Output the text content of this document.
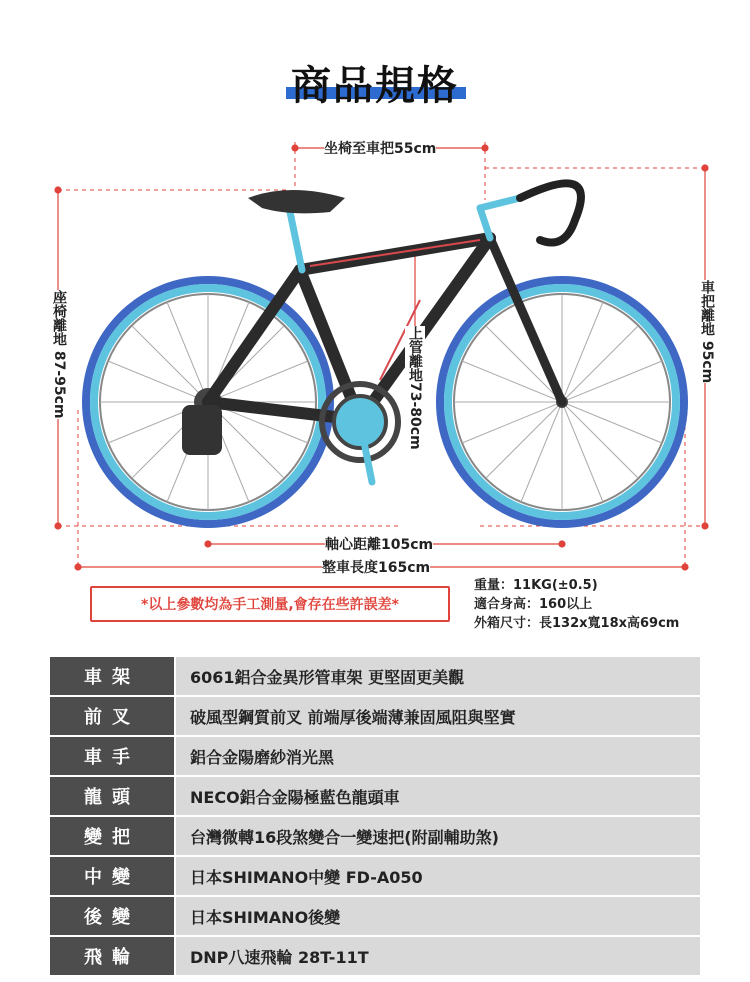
商品規格
坐椅至車把55cm
座椅離地 87-95cm	車把離地 95cm
上管離地73-80cm
軸心距離105cm
整車長度165cm
*以上參數均為手工測量,會存在些許誤差*
重量：11KG(±0.5)
適合身高：160以上
外箱尺寸：長132x寬18x高69cm
車架	6061鋁合金異形管車架 更堅固更美觀
前叉	破風型鋼質前叉 前端厚後端薄兼固風阻與堅實
車手	鋁合金陽磨紗消光黑
龍頭	NECO鋁合金陽極藍色龍頭車
變把	台灣微轉16段煞變合一變速把(附副輔助煞)
中變	日本SHIMANO中變 FD-A050
後變	日本SHIMANO後變
飛輪	DNP八速飛輪 28T-11T
